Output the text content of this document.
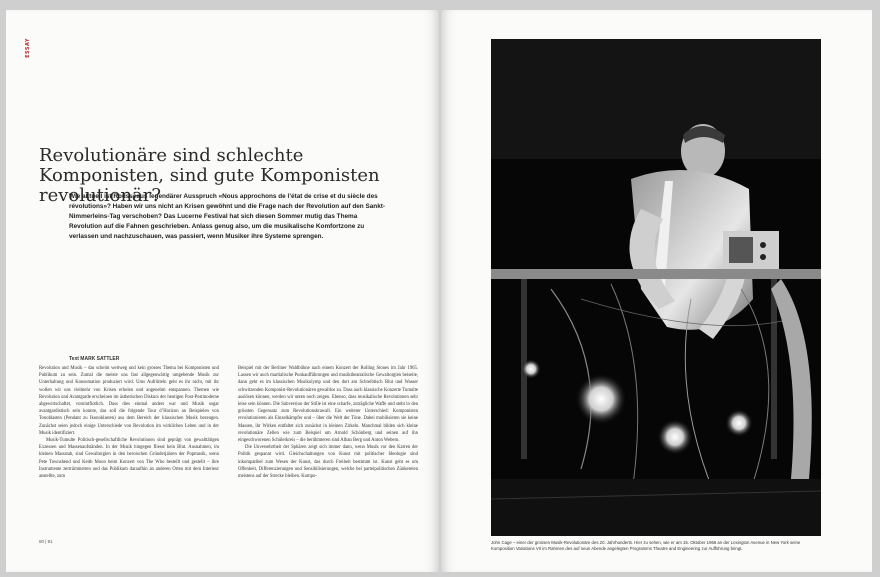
ESSAY
Revolutionäre sind schlechte Komponisten, sind gute Komponisten revolutionär?

Wie aktuell ist Rousseaus legendärer Ausspruch «Nous approchons de l’état de crise et du siècle des révolutions»? Haben wir uns nicht an Krisen gewöhnt und die Frage nach der Revolution auf den Sankt-Nimmerleins-Tag verschoben? Das Lucerne Festival hat sich diesen Sommer mutig das Thema Revolution auf die Fahnen geschrieben. Anlass genug also, um die musikalische Komfortzone zu verlassen und nachzuschauen, was passiert, wenn Musiker ihre Systeme sprengen.

Text MARK SATTLER

Revolution und Musik – das scheint weitweg und kein grosses Thema bei Komponisten und Publikum zu sein. Zumal die meiste uns fast allgegenwärtig umgebende Musik zur Unterhaltung und Konsumation produziert wird. Ums Aufrütteln geht es ihr nicht, mit ihr wollen wir uns vielmehr von Krisen erholen und angenehm entspannen. Themen wie Revolution und Avantgarde erscheinen im ästhetischen Diskurs der heutigen Post-Postmoderne abgewirtschaftet, vornintfiotlich. Dass dies einmal anders war und Musik sogar avantgardistisch sein konnte, das soll die folgende Tour d’Horizon an Beispielen von Tonoblasten (Pendant zu Ikonoklasten) aus dem Bereich der klassischen Musik bezeugen. Zunächst seien jedoch einige Unterschiede von Revolution im wirklichen Leben und in der Musik identifiziert.

Musik-Tumulte Politisch-gesellschaftliche Revolutionen sind geprägt von gewalttätigen Exzessen und Massenaufständen. In der Musik hingegen fliesst kein Blut. Ausnahmen, im kleinen Massstab, sind Gewaltorgien in den heroischen Gründerjahren der Popmusik, wenn Pete Townshend und Keith Moon beim Konzert von The Who bestellt und gestellt – ihre Instrumente zertrümmerten und das Publikum daraufhin an anderen Orten mit dem Interieur anstellte, zum

Beispiel mit der Berliner Waldbühne nach einem Konzert der Rolling Stones im Jahr 1965. Lassen wir auch martialische Punkaufführungen und musiktheatralische Gewaltorgien beiseite, dann geht es im klassischen Musikolymp und den dort am Schreibtisch Blut und Wasser schwitzenden Komponist-Revolutionären gewaltlos zu. Dass auch klassische Konzerte Tumulte auslösen können, werden wir unten noch zeigen. Ebenso, dass musikalische Revolutionen sehr leise sein können. Die Subversion der Stille ist eine scharfe, zuträgliche Waffe und steht in den grössten Gegensatz zum Revolutionskrawall. Ein weiterer Unterschied: Komponisten revolutionieren als Einzelkämpfer und – über die Welt der Töne. Dabei mobilisieren sie keine Massen, ihr Wirken entfaltet sich zunächst in kleinen Zirkeln. Manchmal bilden sich kleine revolutionäre Zellen wie zum Beispiel um Arnold Schönberg und seinen auf ihn eingeschworenen Schülerkreis – die berühmteren sind Alban Berg und Anton Webern.

Die Unversehrtheit der Sphären zeigt sich immer dann, wenn Musik vor den Karren der Politik gespannt wird. Gleichschaltungen von Kunst mit politischer Ideologie sind inkompatibel zum Wesen der Kunst, das durch Freiheit bestimmt ist. Kunst geht es um Offenheit, Differenzierungen und Sensibilisierungen, welche bei parteipolitischen Zünkereien meistens auf der Strecke bleiben. Kompo-

80 | 81	John Cage – einer der grossen Musik-Revolutionäre des 20. Jahrhunderts. Hier zu sehen, wie er am 15. Oktober 1966 an der Lexington Avenue in New York seine Komposition Variations VII im Rahmen des auf neun Abende angelegten Programms Theatre and Engineering zur Aufführung bringt.
